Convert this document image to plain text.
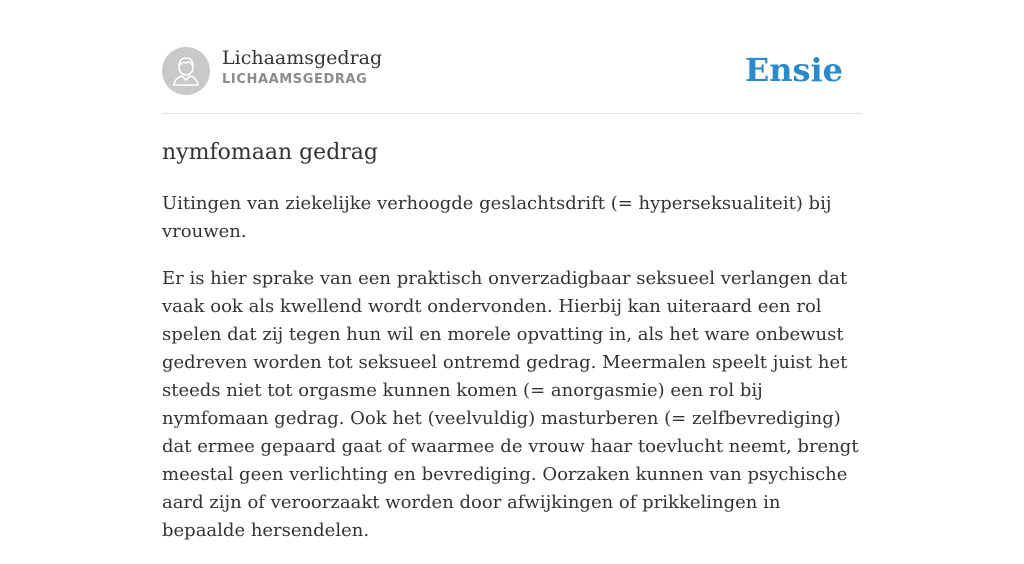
Lichaamsgedrag
LICHAAMSGEDRAG	Ensie
nymfomaan gedrag

Uitingen van ziekelijke verhoogde geslachtsdrift (= hyperseksualiteit) bij vrouwen.

Er is hier sprake van een praktisch onverzadigbaar seksueel verlangen dat vaak ook als kwellend wordt ondervonden. Hierbij kan uiteraard een rol spelen dat zij tegen hun wil en morele opvatting in, als het ware onbewust gedreven worden tot seksueel ontremd gedrag. Meermalen speelt juist het steeds niet tot orgasme kunnen komen (= anorgasmie) een rol bij nymfomaan gedrag. Ook het (veelvuldig) masturberen (= zelfbevrediging) dat ermee gepaard gaat of waarmee de vrouw haar toevlucht neemt, brengt meestal geen verlichting en bevrediging. Oorzaken kunnen van psychische aard zijn of veroorzaakt worden door afwijkingen of prikkelingen in bepaalde hersendelen.
